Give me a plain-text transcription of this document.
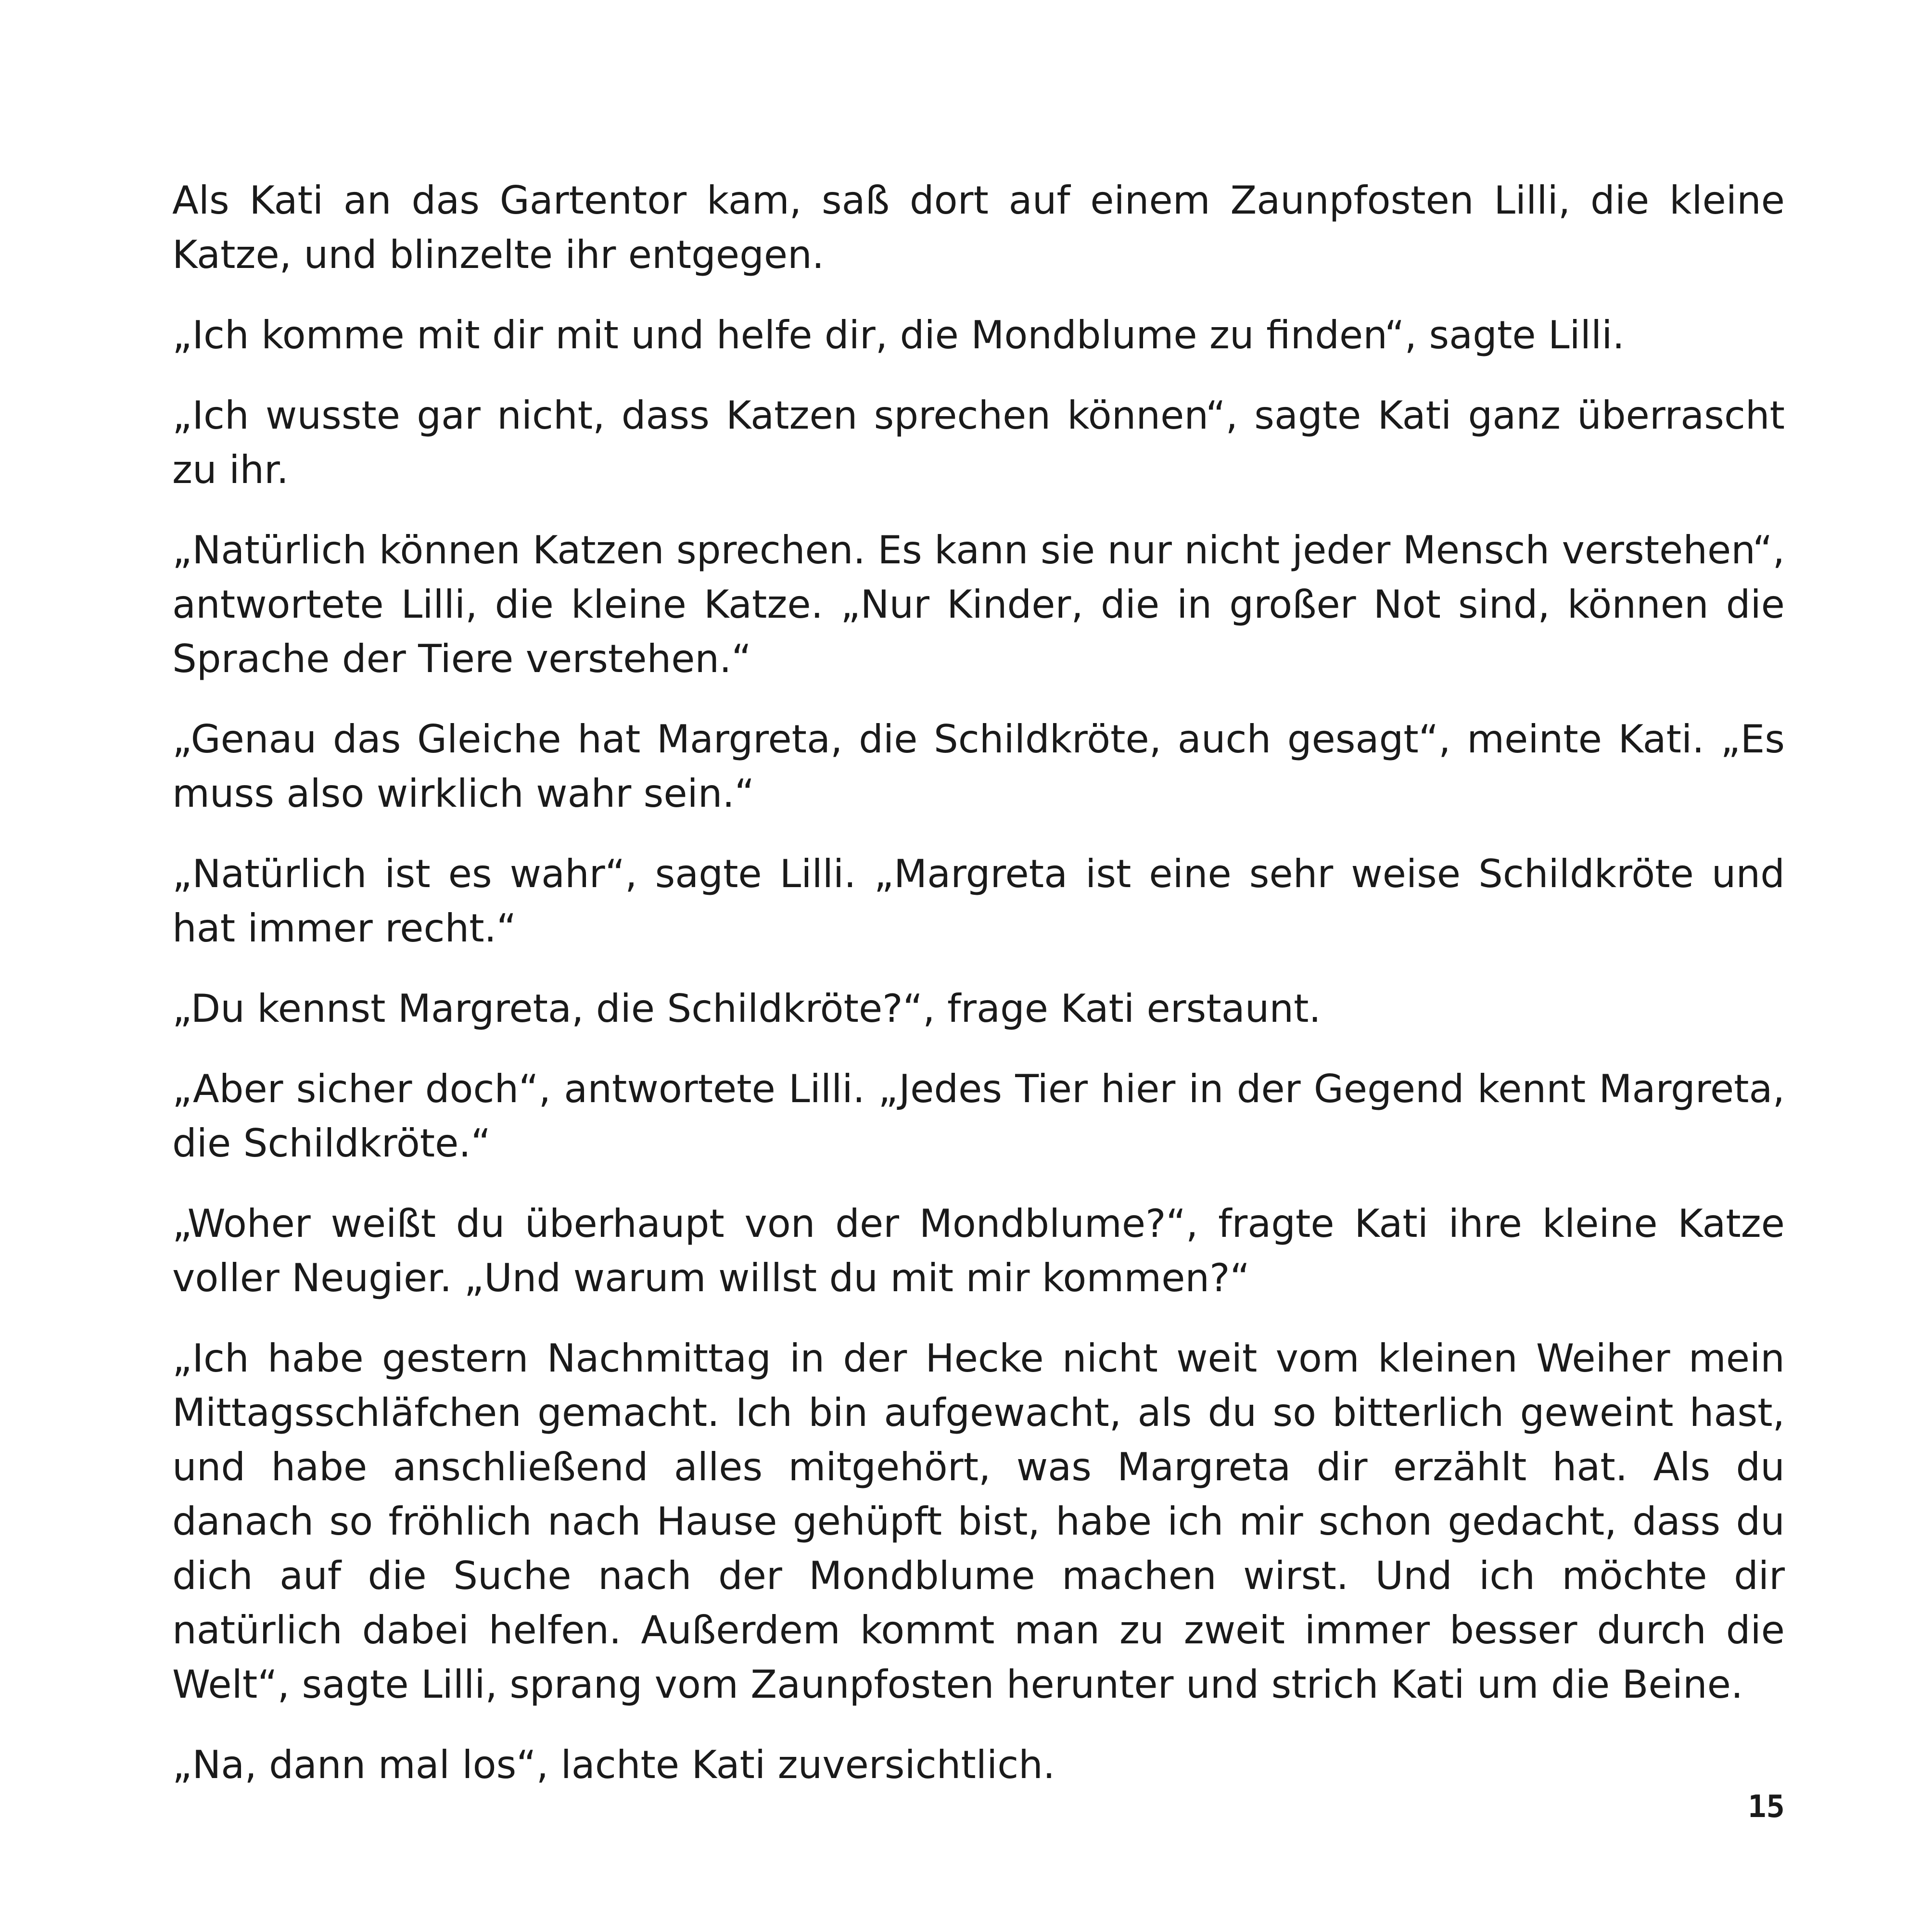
Als Kati an das Gartentor kam, saß dort auf einem Zaunpfosten Lilli, die kleine Katze, und blinzelte ihr entgegen.

„Ich komme mit dir mit und helfe dir, die Mondblume zu finden“, sagte Lilli.

„Ich wusste gar nicht, dass Katzen sprechen können“, sagte Kati ganz überrascht zu ihr.

„Natürlich können Katzen sprechen. Es kann sie nur nicht jeder Mensch verstehen“, antwortete Lilli, die kleine Katze. „Nur Kinder, die in großer Not sind, können die Sprache der Tiere verstehen.“

„Genau das Gleiche hat Margreta, die Schildkröte, auch gesagt“, meinte Kati. „Es muss also wirklich wahr sein.“

„Natürlich ist es wahr“, sagte Lilli. „Margreta ist eine sehr weise Schildkröte und hat immer recht.“

„Du kennst Margreta, die Schildkröte?“, frage Kati erstaunt.

„Aber sicher doch“, antwortete Lilli. „Jedes Tier hier in der Gegend kennt Margreta, die Schildkröte.“

„Woher weißt du überhaupt von der Mondblume?“, fragte Kati ihre kleine Katze voller Neugier. „Und warum willst du mit mir kommen?“

„Ich habe gestern Nachmittag in der Hecke nicht weit vom kleinen Weiher mein Mittagsschläfchen gemacht. Ich bin aufgewacht, als du so bitterlich geweint hast, und habe anschließend alles mitgehört, was Margreta dir erzählt hat. Als du danach so fröhlich nach Hause gehüpft bist, habe ich mir schon gedacht, dass du dich auf die Suche nach der Mondblume machen wirst. Und ich möchte dir natürlich dabei helfen. Außerdem kommt man zu zweit immer besser durch die Welt“, sagte Lilli, sprang vom Zaunpfosten herunter und strich Kati um die Beine.

„Na, dann mal los“, lachte Kati zuversichtlich.

15
